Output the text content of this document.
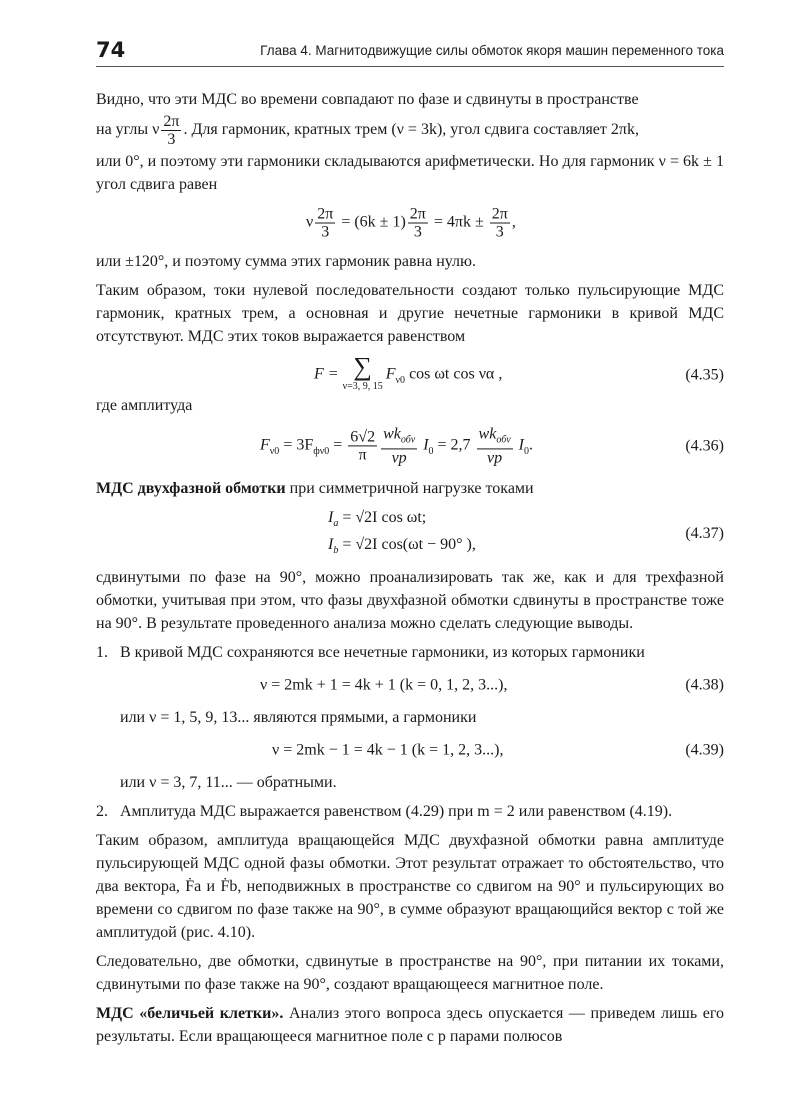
74	Глава 4. Магнитодвижущие силы обмоток якоря машин переменного тока

Видно, что эти МДС во времени совпадают по фазе и сдвинуты в пространстве

на углы ν $\frac{2\pi}{3}$ . Для гармоник, кратных трем (ν = 3k), угол сдвига составляет 2πk,

или 0°, и поэтому эти гармоники складываются арифметически. Но для гармоник ν = 6k ± 1 угол сдвига равен

ν $\frac{2\pi}{3} = (6k \pm 1) \frac{2\pi}{3} = 4\pi k \pm \frac{2\pi}{3}$ ,

или ±120°, и поэтому сумма этих гармоник равна нулю.

Таким образом, токи нулевой последовательности создают только пульсирующие МДС гармоник, кратных трем, а основная и другие нечетные гармоники в кривой МДС отсутствуют. МДС этих токов выражается равенством

F = ∑
ν=3, 9, 15
$F_{\nu 0}$ cos ωt cos να ,	(4.35)

где амплитуда

$F_{\nu 0} = 3F_{ф\nu 0} = \frac{6√2}{\pi} \frac{wk_{об\nu}}{\nu p} I_0 = 2,7 \frac{wk_{об\nu}}{\nu p} I_0$.	(4.36)

МДС двухфазной обмотки при симметричной нагрузке токами

$I_a = √2I$ cos ωt;
$I_b = √2I$ cos(ωt − 90° ),
(4.37)

сдвинутыми по фазе на 90°, можно проанализировать так же, как и для трехфазной обмотки, учитывая при этом, что фазы двухфазной обмотки сдвинуты в пространстве тоже на 90°. В результате проведенного анализа можно сделать следующие выводы.

1. В кривой МДС сохраняются все нечетные гармоники, из которых гармоники
ν = 2mk + 1 = 4k + 1 (k = 0, 1, 2, 3...),	(4.38)

или ν = 1, 5, 9, 13... являются прямыми, а гармоники

ν = 2mk − 1 = 4k − 1 (k = 1, 2, 3...),	(4.39)

или ν = 3, 7, 11... — обратными.

2. Амплитуда МДС выражается равенством (4.29) при m = 2 или равенством (4.19).

Таким образом, амплитуда вращающейся МДС двухфазной обмотки равна амплитуде пульсирующей МДС одной фазы обмотки. Этот результат отражает то обстоятельство, что два вектора, Ḟa и Ḟb, неподвижных в пространстве со сдвигом на 90° и пульсирующих во времени со сдвигом по фазе также на 90°, в сумме образуют вращающийся вектор с той же амплитудой (рис. 4.10).

Следовательно, две обмотки, сдвинутые в пространстве на 90°, при питании их токами, сдвинутыми по фазе также на 90°, создают вращающееся магнитное поле.

МДС «беличьей клетки». Анализ этого вопроса здесь опускается — приведем лишь его результаты. Если вращающееся магнитное поле с p парами полюсов
